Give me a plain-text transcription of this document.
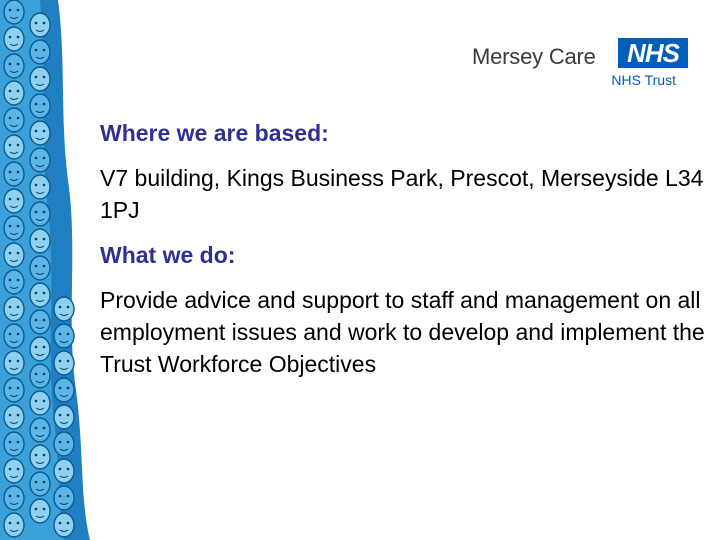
Mersey Care	NHS
NHS Trust
Where we are based:
V7 building, Kings Business Park, Prescot, Merseyside L34 1PJ
What we do:
Provide advice and support to staff and management on all employment issues and work to develop and implement the Trust Workforce Objectives
